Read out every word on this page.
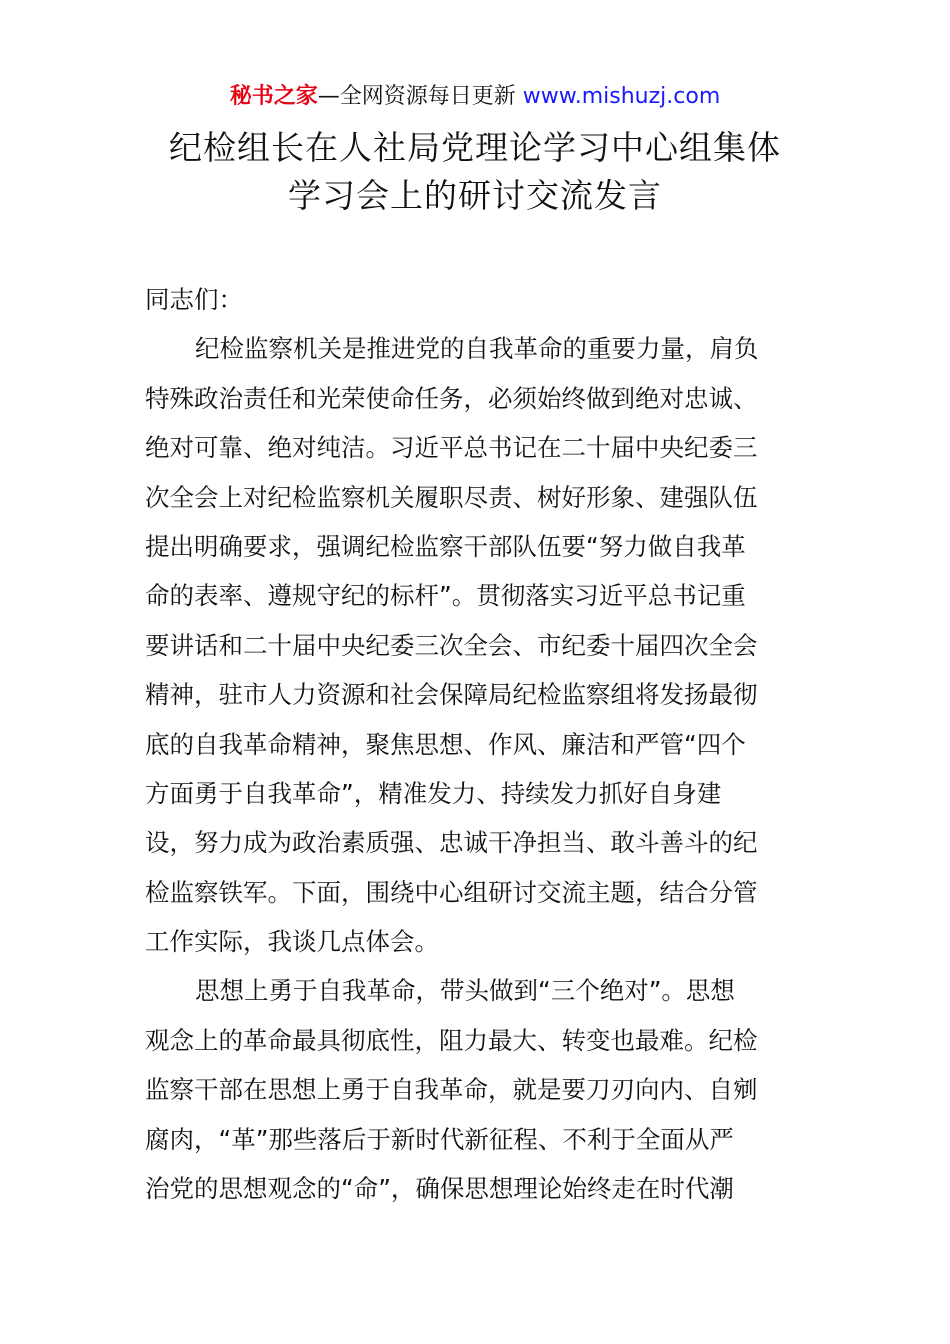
秘书之家—全网资源每日更新 www.mishuzj.com
纪检组长在人社局党理论学习中心组集体
学习会上的研讨交流发言
同志们：
纪检监察机关是推进党的自我革命的重要力量，肩负
特殊政治责任和光荣使命任务，必须始终做到绝对忠诚、
绝对可靠、绝对纯洁。习近平总书记在二十届中央纪委三
次全会上对纪检监察机关履职尽责、树好形象、建强队伍
提出明确要求，强调纪检监察干部队伍要“努力做自我革
命的表率、遵规守纪的标杆”。贯彻落实习近平总书记重
要讲话和二十届中央纪委三次全会、市纪委十届四次全会
精神，驻市人力资源和社会保障局纪检监察组将发扬最彻
底的自我革命精神，聚焦思想、作风、廉洁和严管“四个
方面勇于自我革命”，精准发力、持续发力抓好自身建
设，努力成为政治素质强、忠诚干净担当、敢斗善斗的纪
检监察铁军。下面，围绕中心组研讨交流主题，结合分管
工作实际，我谈几点体会。
思想上勇于自我革命，带头做到“三个绝对”。思想
观念上的革命最具彻底性，阻力最大、转变也最难。纪检
监察干部在思想上勇于自我革命，就是要刀刃向内、自剜
腐肉，“革”那些落后于新时代新征程、不利于全面从严
治党的思想观念的“命”，确保思想理论始终走在时代潮
